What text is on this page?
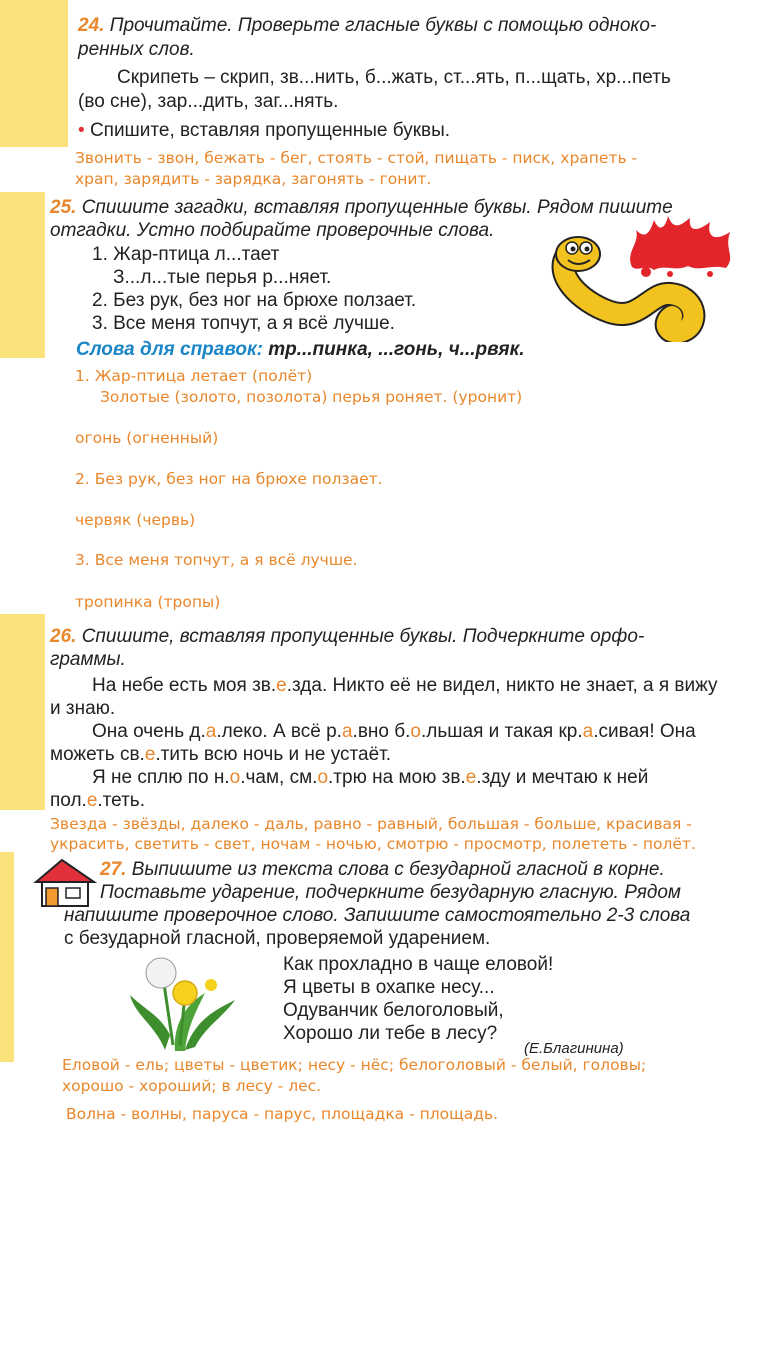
24. Прочитайте. Проверьте гласные буквы с помощью одноко-
ренных слов.
Скрипеть – скрип, зв...нить, б...жать, ст...ять, п...щать, хр...петь
(во сне), зар...дить, заг...нять.
• Спишите, вставляя пропущенные буквы.
Звонить - звон, бежать - бег, стоять - стой, пищать - писк, храпеть -
храп, зарядить - зарядка, загонять - гонит.
25. Спишите загадки, вставляя пропущенные буквы. Рядом пишите
отгадки. Устно подбирайте проверочные слова.
1. Жар-птица л...тает
З...л...тые перья р...няет.
2. Без рук, без ног на брюхе ползает.
3. Все меня топчут, а я всё лучше.
Слова для справок: тр...пинка, ...гонь, ч...рвяк.
1. Жар-птица летает (полёт)
Золотые (золото, позолота) перья роняет. (уронит)
огонь (огненный)
2. Без рук, без ног на брюхе ползает.
червяк (червь)
3. Все меня топчут, а я всё лучше.
тропинка (тропы)
26. Спишите, вставляя пропущенные буквы. Подчеркните орфо-
граммы.
На небе есть моя зв.е.зда. Никто её не видел, никто не знает, а я вижу
и знаю.
Она очень д.а.леко. А всё р.а.вно б.о.льшая и такая кр.а.сивая! Она
можеть св.е.тить всю ночь и не устаёт.
Я не сплю по н.о.чам, см.о.трю на мою зв.е.зду и мечтаю к ней
пол.е.теть.
Звезда - звёзды, далеко - даль, равно - равный, большая - больше, красивая -
украсить, светить - свет, ночам - ночью, смотрю - просмотр, полететь - полёт.
27. Выпишите из текста слова с безударной гласной в корне.
Поставьте ударение, подчеркните безударную гласную. Рядом
напишите проверочное слово. Запишите самостоятельно 2-3 слова
с безударной гласной, проверяемой ударением.
Как прохладно в чаще еловой!
Я цветы в охапке несу...
Одуванчик белоголовый,
Хорошо ли тебе в лесу?
(Е.Благинина)
Еловой - ель; цветы - цветик; несу - нёс; белоголовый - белый, головы;
хорошо - хороший; в лесу - лес.
Волна - волны, паруса - парус, площадка - площадь.
